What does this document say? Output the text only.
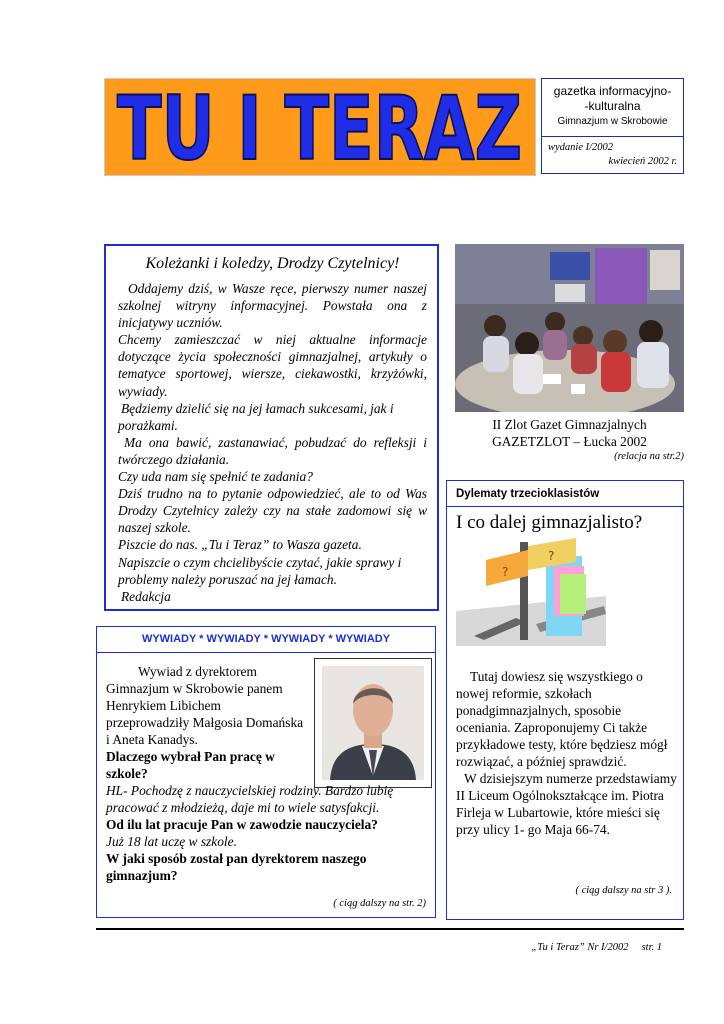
TU I TERAZ	gazetka informacyjno-
-kulturalna
Gimnazjum w Skrobowie
wydanie I/2002
kwiecień 2002 r.
Koleżanki i koledzy, Drodzy Czytelnicy!

Oddajemy dziś, w Wasze ręce, pierwszy numer naszej szkolnej witryny informacyjnej. Powstała ona z inicjatywy uczniów.

Chcemy zamieszczać w niej aktualne informacje dotyczące życia społeczności gimnazjalnej, artykuły o tematyce sportowej, wiersze, ciekawostki, krzyżówki, wywiady.

Będziemy dzielić się na jej łamach sukcesami, jak i porażkami.

Ma ona bawić, zastanawiać, pobudzać do refleksji i twórczego działania.

Czy uda nam się spełnić te zadania?

Dziś trudno na to pytanie odpowiedzieć, ale to od Was Drodzy Czytelnicy zależy czy na stałe zadomowi się w naszej szkole.

Piszcie do nas. „Tu i Teraz” to Wasza gazeta.

Napiszcie o czym chcielibyście czytać, jakie sprawy i problemy należy poruszać na jej łamach.

Redakcja

II Zlot Gazet Gimnazjalnych
GAZETZLOT – Łucka 2002
(relacja na str.2)
Dylematy trzecioklasistów
I co dalej gimnazjalisto?
?
?

Tutaj dowiesz się wszystkiego o nowej reformie, szkołach ponadgimnazjalnych, sposobie oceniania. Zaproponujemy Ci także przykładowe testy, które będziesz mógł rozwiązać, a później sprawdzić.

W dzisiejszym numerze przedstawiamy II Liceum Ogólnokształcące im. Piotra Firleja w Lubartowie, które mieści się przy ulicy 1- go Maja 66-74.

( ciąg dalszy na str 3 ).
WYWIADY * WYWIADY * WYWIADY * WYWIADY

Wywiad z dyrektorem

Gimnazjum w Skrobowie panem Henrykiem Libichem przeprowadziły Małgosia Domańska i Aneta Kanadys.

Dlaczego wybrał Pan pracę w szkole?

HL- Pochodzę z nauczycielskiej rodziny. Bardzo lubię pracować z młodzieżą, daje mi to wiele satysfakcji.

Od ilu lat pracuje Pan w zawodzie nauczyciela?

Już 18 lat uczę w szkole.

W jaki sposób został pan dyrektorem naszego gimnazjum?

( ciąg dalszy na str. 2)
„Tu i Teraz” Nr I/2002     str. 1
